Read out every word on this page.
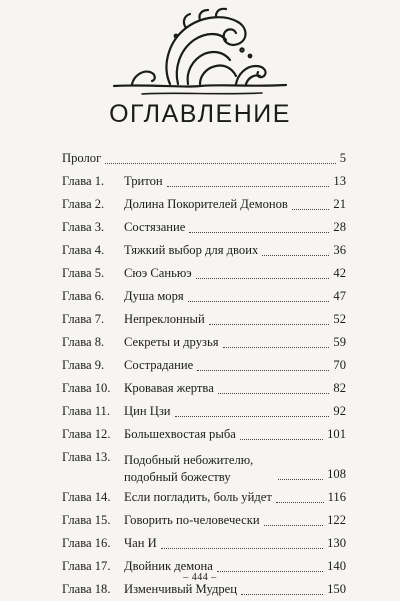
ОГЛАВЛЕНИЕ
Пролог	5
Глава 1. Тритон	13
Глава 2. Долина Покорителей Демонов	21
Глава 3. Состязание	28
Глава 4. Тяжкий выбор для двоих	36
Глава 5. Сюэ Саньюэ	42
Глава 6. Душа моря	47
Глава 7. Непреклонный	52
Глава 8. Секреты и друзья	59
Глава 9. Сострадание	70
Глава 10. Кровавая жертва	82
Глава 11. Цин Цзи	92
Глава 12. Большехвостая рыба	101
Глава 13. Подобный небожителю, подобный божеству	108
Глава 14. Если погладить, боль уйдет	116
Глава 15. Говорить по-человечески	122
Глава 16. Чан И	130
Глава 17. Двойник демона	140
Глава 18. Изменчивый Мудрец	150
– 444 –
